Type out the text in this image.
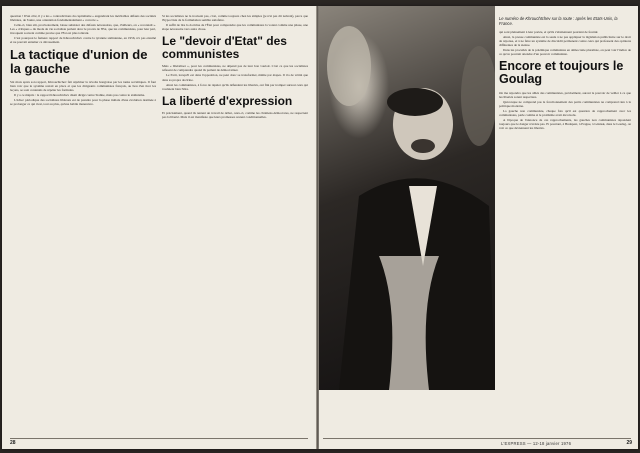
question ! D'un côté, il y a les « contradictions du capitalisme » engendrant les inévitables défauts des sociétés libérales, de l'autre, une orientation fondamentalement « correcte ».

Celle-ci, bien sûr, provisoirement, laisse subsister des défauts nécessaires, que, d'ailleurs, on « reconnaît ». Les « critiques » du mode de vie socialiste parlent donc le procès de l'Est, que les communistes, pour leur part, invoquent souvent comme preuve que l'Est est plus tolérant.

C'est pourquoi le fameux rapport de Khrouchtchev contre la tyrannie stalinienne, en 1956, n'a pas entamé et ne pouvait entamer ce dévouement.

La tactique d'union de la gauche

Six mois après son rapport, Khrouchtchev fait réprimer la révolte hongroise par les tanks soviétiques. Il faut bien voir que le système restait en place et que les dirigeants communistes français, au lieu d'en tirer les leçons, se sont contentés de répéter les formules.

Il y a ce mépris : le rapport Khrouchtchev disait dirigé contre Staline, mais pas contre le stalinisme.

L'échec périodique des socialistes libéraux est de prendre pour la phase initiale d'une évolution destinée à se prolonger ce qui n'est, tout au plus, qu'une habile manœuvre.

Si les socialistes ne la trouvent pas, c'est, comme toujours chez les simples (je n'ai pas dit naïveté), parce que l'hypocrisie de la formulation semble satisfaire.

Il suffit de lire la doctrine de l'État pour comprendre que les communistes la voient comme une phase, une étape nécessaire vers autre chose.

Le "devoir d'Etat" des communistes

Mais « libéraliser », pour les communistes, ne dépend pas de leur bon vouloir. C'est ce que les socialistes refusent de comprendre quand ils parlent de démocratiser.

Le Parti, lorsqu'il est dans l'opposition, ne peut donc se transformer, même par étapes. Il n'a de vérité que dans sa propre doctrine.

Ainsi les communistes, à force de répéter qu'ils défendent les libertés, ont fini par tromper surtout ceux qui voulaient bien l'être.

La liberté d'expression

Et précisément, quand ils tentent un travail de débat, ceux-ci, comme les chrétiens-démocrates, ne respectent pas la liberté. Mais il est manifeste que leurs promesses restent conditionnelles.

28
Le numéro de Khrouchtchev sur la route : après les Etats-Unis, la France.

qui sont pleinement à leur portée, et qu'ils s'abstiennent pourtant de fournir.

Ainsi, la presse communiste est la seule à ne pas appliquer la législation publicitaire sur le droit de réponse, et à ne faire un système de discrédit permanent contre ceux qui professent des opinions différentes de la sienne.

Dans les procédés de la polémique communiste en démocratie pluraliste, on peut voir l'indice de ce qu'on pourrait attendre d'un pouvoir communiste.

Encore et toujours le Goulag

On me répondra que les alliés des communistes, précisément, auront le pouvoir de veiller à ce que les libertés soient respectées.

Quiconque ne comprend pas le fonctionnement des partis communistes ne comprend rien à la politique moderne.

La gauche non communiste, chaque fois qu'il est question de rapprochement avec les communistes, parle comme si le problème avait été résolu.

A l'époque de l'annonce de ces rapprochements, les gauches non communistes répondent toujours que le danger n'existe pas. Et pourtant, à Budapest, à Prague, à Gdansk, dans le Goulag, on voit ce que deviennent les libertés.

L'EXPRESS — 12-18 janvier 1976	29
